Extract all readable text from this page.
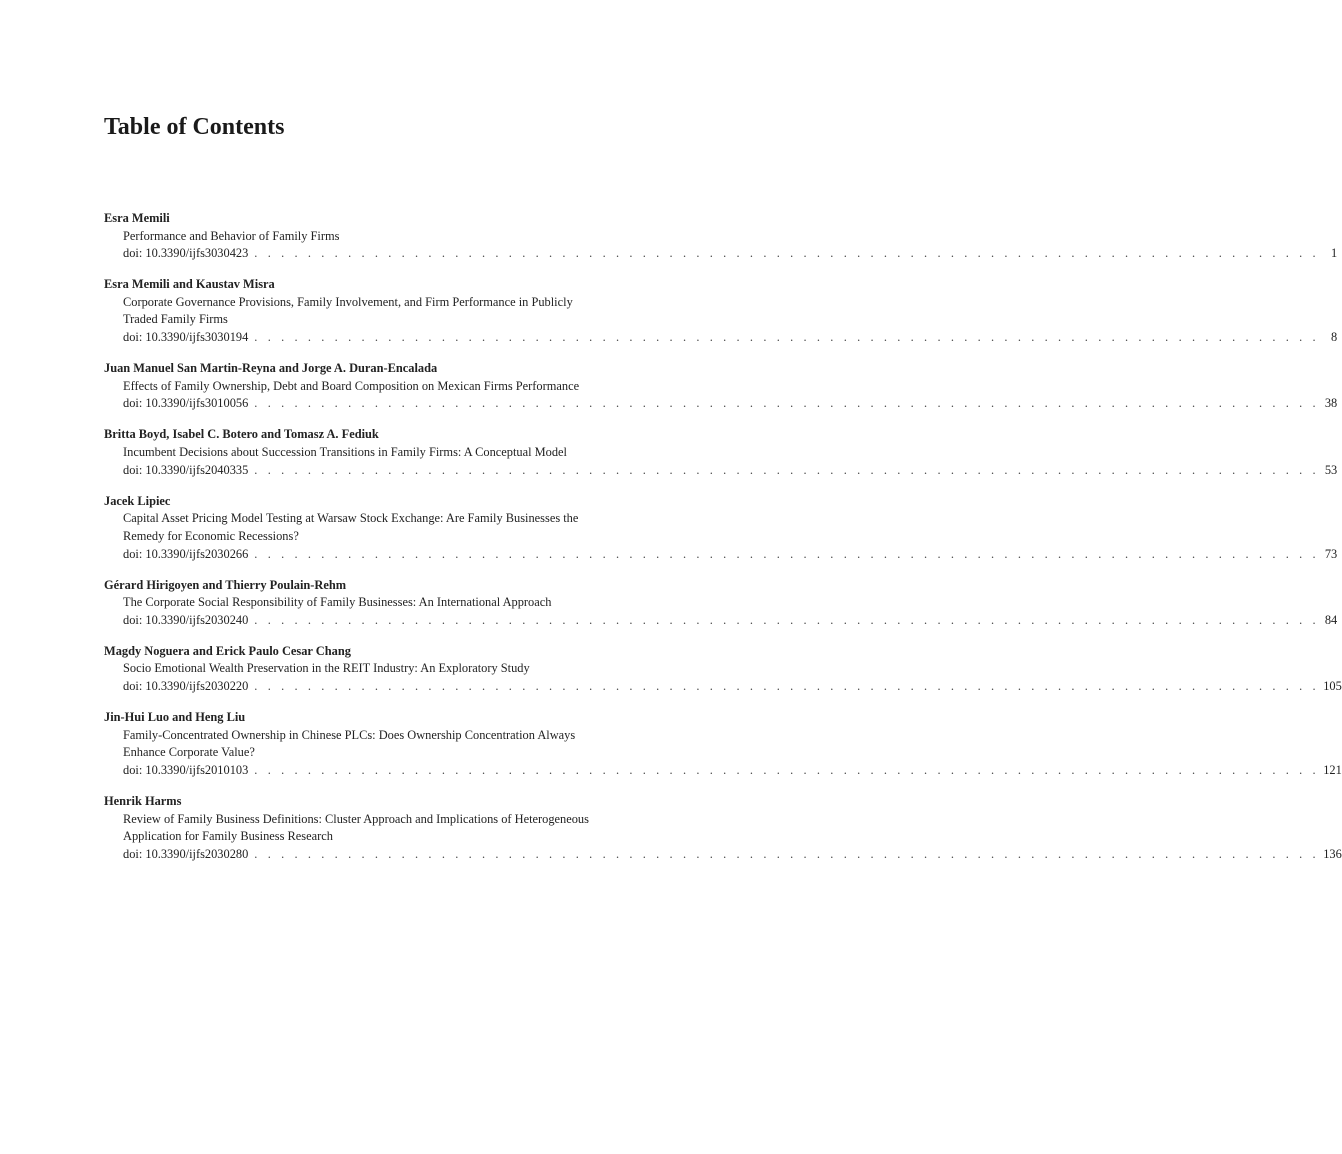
Table of Contents
Esra Memili
Performance and Behavior of Family Firms
doi: 10.3390/ijfs3030423 . . . . . . . . . . . . . . . . . . . . . . . . . . . . . . . . . . . . . . . . . . . . . . . . . . . . . . . . . . . . . . . . . . . . . . . . . . . . . . . . 1
Esra Memili and Kaustav Misra
Corporate Governance Provisions, Family Involvement, and Firm Performance in Publicly
Traded Family Firms
doi: 10.3390/ijfs3030194 . . . . . . . . . . . . . . . . . . . . . . . . . . . . . . . . . . . . . . . . . . . . . . . . . . . . . . . . . . . . . . . . . . . . . . . . . . . . . . . . 8
Juan Manuel San Martin-Reyna and Jorge A. Duran-Encalada
Effects of Family Ownership, Debt and Board Composition on Mexican Firms Performance
doi: 10.3390/ijfs3010056 . . . . . . . . . . . . . . . . . . . . . . . . . . . . . . . . . . . . . . . . . . . . . . . . . . . . . . . . . . . . . . . . . . . . . . . . . . . . . . . . 38
Britta Boyd, Isabel C. Botero and Tomasz A. Fediuk
Incumbent Decisions about Succession Transitions in Family Firms: A Conceptual Model
doi: 10.3390/ijfs2040335 . . . . . . . . . . . . . . . . . . . . . . . . . . . . . . . . . . . . . . . . . . . . . . . . . . . . . . . . . . . . . . . . . . . . . . . . . . . . . . . . 53
Jacek Lipiec
Capital Asset Pricing Model Testing at Warsaw Stock Exchange: Are Family Businesses the
Remedy for Economic Recessions?
doi: 10.3390/ijfs2030266 . . . . . . . . . . . . . . . . . . . . . . . . . . . . . . . . . . . . . . . . . . . . . . . . . . . . . . . . . . . . . . . . . . . . . . . . . . . . . . . . 73
Gérard Hirigoyen and Thierry Poulain-Rehm
The Corporate Social Responsibility of Family Businesses: An International Approach
doi: 10.3390/ijfs2030240 . . . . . . . . . . . . . . . . . . . . . . . . . . . . . . . . . . . . . . . . . . . . . . . . . . . . . . . . . . . . . . . . . . . . . . . . . . . . . . . . 84
Magdy Noguera and Erick Paulo Cesar Chang
Socio Emotional Wealth Preservation in the REIT Industry: An Exploratory Study
doi: 10.3390/ijfs2030220 . . . . . . . . . . . . . . . . . . . . . . . . . . . . . . . . . . . . . . . . . . . . . . . . . . . . . . . . . . . . . . . . . . . . . . . . . . . . . . . . 105
Jin-Hui Luo and Heng Liu
Family-Concentrated Ownership in Chinese PLCs: Does Ownership Concentration Always
Enhance Corporate Value?
doi: 10.3390/ijfs2010103 . . . . . . . . . . . . . . . . . . . . . . . . . . . . . . . . . . . . . . . . . . . . . . . . . . . . . . . . . . . . . . . . . . . . . . . . . . . . . . . . 121
Henrik Harms
Review of Family Business Definitions: Cluster Approach and Implications of Heterogeneous
Application for Family Business Research
doi: 10.3390/ijfs2030280 . . . . . . . . . . . . . . . . . . . . . . . . . . . . . . . . . . . . . . . . . . . . . . . . . . . . . . . . . . . . . . . . . . . . . . . . . . . . . . . . 136
